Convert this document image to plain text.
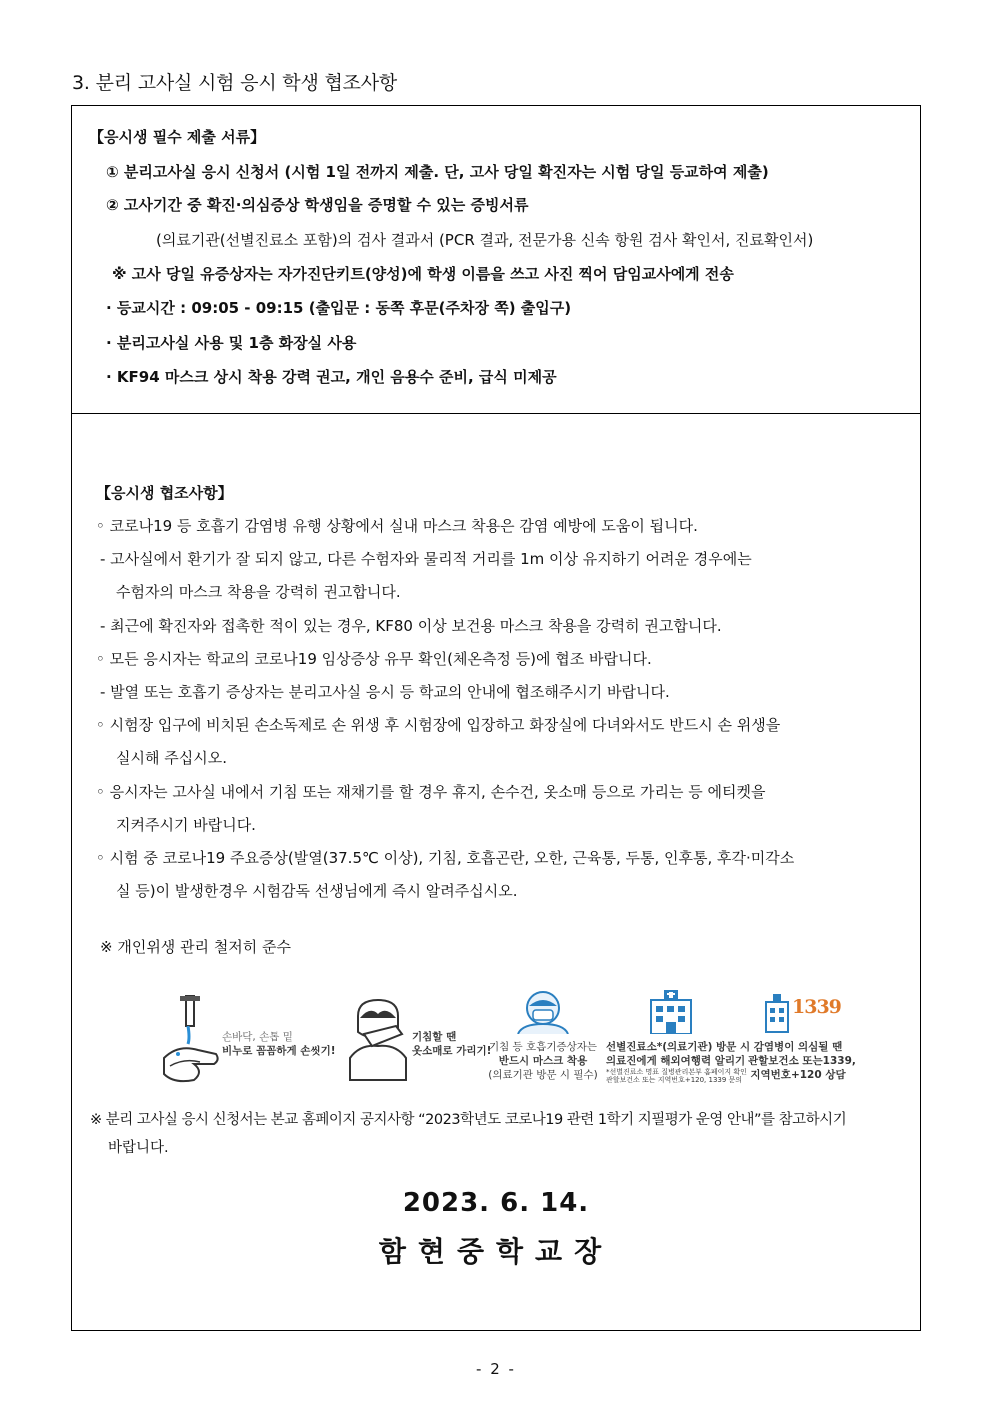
3. 분리 고사실 시험 응시 학생 협조사항
【응시생 필수 제출 서류】
① 분리고사실 응시 신청서 (시험 1일 전까지 제출. 단, 고사 당일 확진자는 시험 당일 등교하여 제출)
② 고사기간 중 확진·의심증상 학생임을 증명할 수 있는 증빙서류
(의료기관(선별진료소 포함)의 검사 결과서 (PCR 결과, 전문가용 신속 항원 검사 확인서, 진료확인서)
※ 고사 당일 유증상자는 자가진단키트(양성)에 학생 이름을 쓰고 사진 찍어 담임교사에게 전송
· 등교시간 : 09:05 - 09:15 (출입문 : 동쪽 후문(주차장 쪽) 출입구)
· 분리고사실 사용 및 1층 화장실 사용
· KF94 마스크 상시 착용 강력 권고, 개인 음용수 준비, 급식 미제공
【응시생 협조사항】
◦ 코로나19 등 호흡기 감염병 유행 상황에서 실내 마스크 착용은 감염 예방에 도움이 됩니다.
- 고사실에서 환기가 잘 되지 않고, 다른 수험자와 물리적 거리를 1m 이상 유지하기 어려운 경우에는
수험자의 마스크 착용을 강력히 권고합니다.
- 최근에 확진자와 접촉한 적이 있는 경우, KF80 이상 보건용 마스크 착용을 강력히 권고합니다.
◦ 모든 응시자는 학교의 코로나19 임상증상 유무 확인(체온측정 등)에 협조 바랍니다.
- 발열 또는 호흡기 증상자는 분리고사실 응시 등 학교의 안내에 협조해주시기 바랍니다.
◦ 시험장 입구에 비치된 손소독제로 손 위생 후 시험장에 입장하고 화장실에 다녀와서도 반드시 손 위생을
실시해 주십시오.
◦ 응시자는 고사실 내에서 기침 또는 재채기를 할 경우 휴지, 손수건, 옷소매 등으로 가리는 등 에티켓을
지켜주시기 바랍니다.
◦ 시험 중 코로나19 주요증상(발열(37.5℃ 이상), 기침, 호흡곤란, 오한, 근육통, 두통, 인후통, 후각·미각소
실 등)이 발생한경우 시험감독 선생님에게 즉시 알려주십시오.
※ 개인위생 관리 철저히 준수
손바닥, 손톱 밑
비누로 꼼꼼하게 손씻기!
기침할 땐
옷소매로 가리기!
기침 등 호흡기증상자는
반드시 마스크 착용
(의료기관 방문 시 필수)
선별진료소*(의료기관) 방문 시
의료진에게 해외여행력 알리기
*선별진료소 명표 질병관리본부 홈페이지 확인
관할보건소 또는 지역번호+120, 1339 문의
1339
감염병이 의심될 땐
관할보건소 또는1339,
지역번호+120 상담
※ 분리 고사실 응시 신청서는 본교 홈페이지 공지사항 “2023학년도 코로나19 관련 1학기 지필평가 운영 안내”를 참고하시기
바랍니다.
2023. 6. 14.
함현중학교장
- 2 -
